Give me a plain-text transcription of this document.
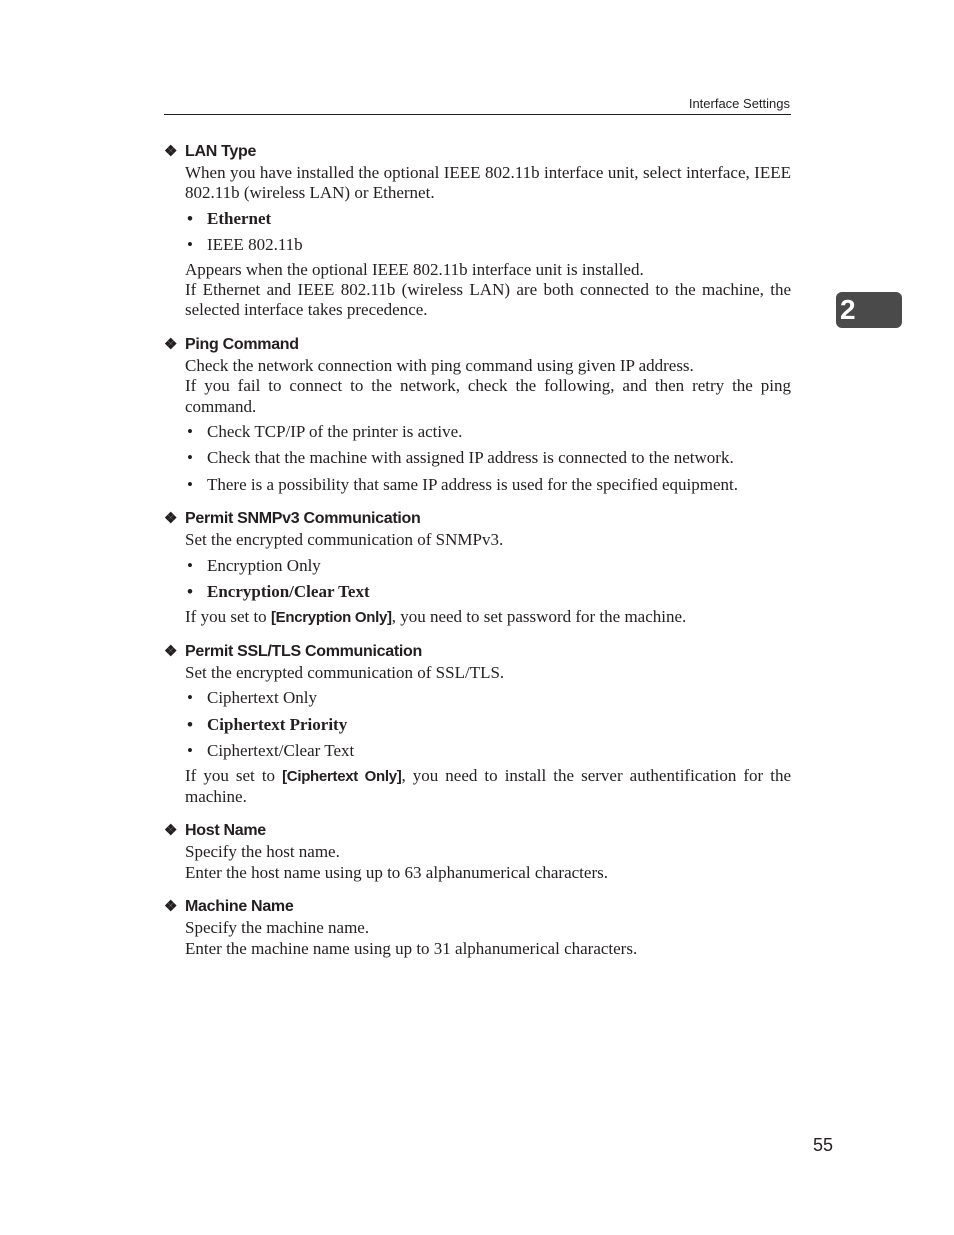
Interface Settings
2
❖ LAN Type

When you have installed the optional IEEE 802.11b interface unit, select interface, IEEE 802.11b (wireless LAN) or Ethernet.

• Ethernet
• IEEE 802.11b

Appears when the optional IEEE 802.11b interface unit is installed.

If Ethernet and IEEE 802.11b (wireless LAN) are both connected to the machine, the selected interface takes precedence.

❖ Ping Command

Check the network connection with ping command using given IP address.

If you fail to connect to the network, check the following, and then retry the ping command.

• Check TCP/IP of the printer is active.
• Check that the machine with assigned IP address is connected to the network.
• There is a possibility that same IP address is used for the specified equipment.
❖ Permit SNMPv3 Communication

Set the encrypted communication of SNMPv3.

• Encryption Only
• Encryption/Clear Text

If you set to [Encryption Only], you need to set password for the machine.

❖ Permit SSL/TLS Communication

Set the encrypted communication of SSL/TLS.

• Ciphertext Only
• Ciphertext Priority
• Ciphertext/Clear Text

If you set to [Ciphertext Only], you need to install the server authentification for the machine.

❖ Host Name

Specify the host name.

Enter the host name using up to 63 alphanumerical characters.

❖ Machine Name

Specify the machine name.

Enter the machine name using up to 31 alphanumerical characters.

55
